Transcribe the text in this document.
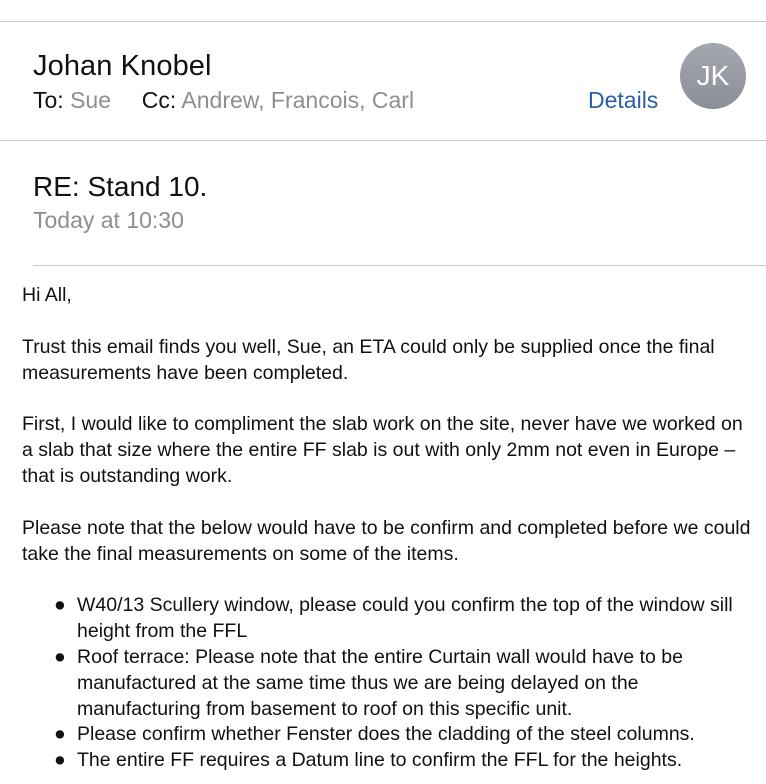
Johan Knobel
To: Sue Cc: Andrew, Francois, Carl	Details
JK
RE: Stand 10.
Today at 10:30

Hi All,

Trust this email finds you well, Sue, an ETA could only be supplied once the final measurements have been completed.

First, I would like to compliment the slab work on the site, never have we worked on a slab that size where the entire FF slab is out with only 2mm not even in Europe – that is outstanding work.

Please note that the below would have to be confirm and completed before we could take the final measurements on some of the items.

● W40/13 Scullery window, please could you confirm the top of the window sill height from the FFL
● Roof terrace: Please note that the entire Curtain wall would have to be manufactured at the same time thus we are being delayed on the manufacturing from basement to roof on this specific unit.
● Please confirm whether Fenster does the cladding of the steel columns.
● The entire FF requires a Datum line to confirm the FFL for the heights.
